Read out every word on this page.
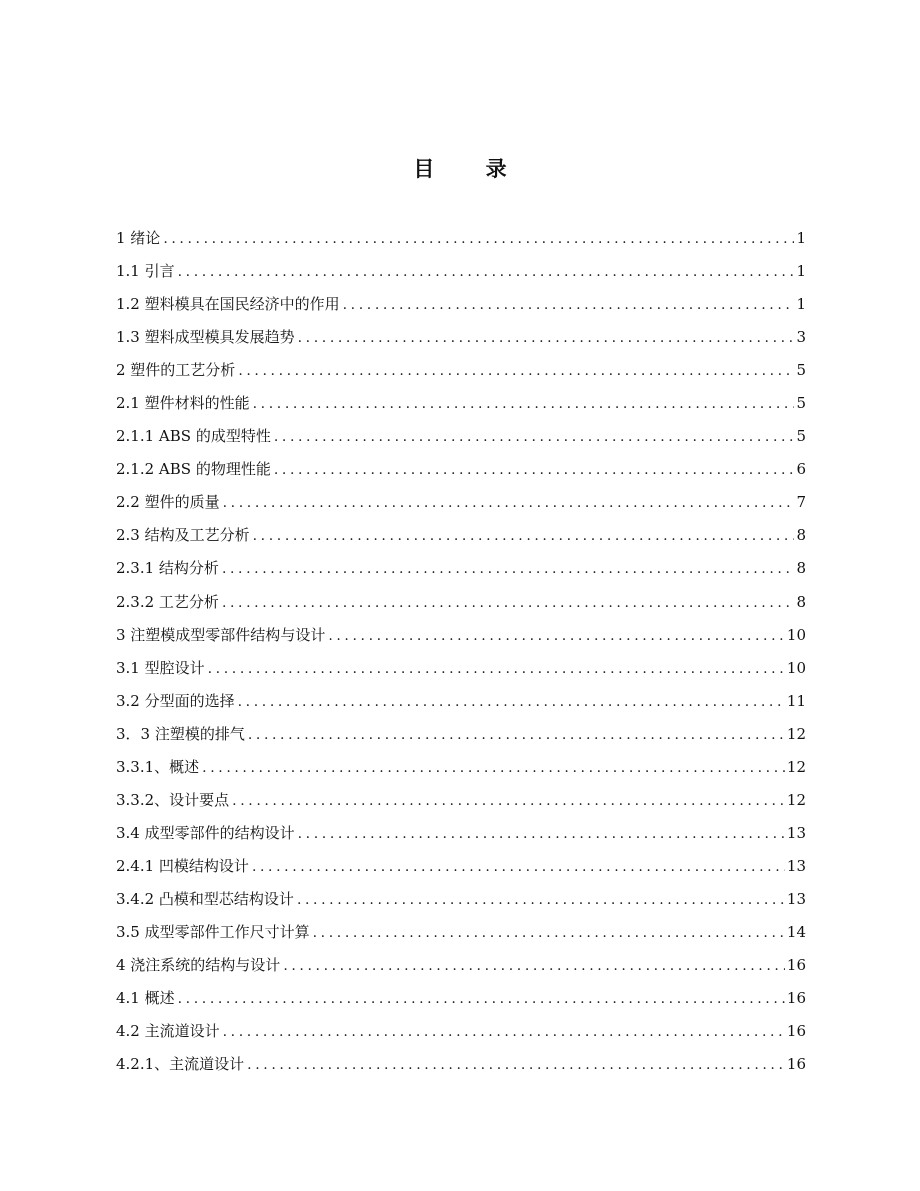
目 录
1 绪论 .....	1
1.1 引言 .....	1
1.2 塑料模具在国民经济中的作用 .....	1
1.3 塑料成型模具发展趋势 .....	3
2 塑件的工艺分析 .....	5
2.1 塑件材料的性能 .....	5
2.1.1 ABS 的成型特性 .....	5
2.1.2 ABS 的物理性能 .....	6
2.2 塑件的质量 .....	7
2.3 结构及工艺分析 .....	8
2.3.1 结构分析 .....	8
2.3.2 工艺分析 .....	8
3 注塑模成型零部件结构与设计 .....	10
3.1 型腔设计 .....	10
3.2 分型面的选择 .....	11
3．3 注塑模的排气 .....	12
3.3.1、概述 .....	12
3.3.2、设计要点 .....	12
3.4 成型零部件的结构设计 .....	13
2.4.1 凹模结构设计 .....	13
3.4.2 凸模和型芯结构设计 .....	13
3.5 成型零部件工作尺寸计算 .....	14
4 浇注系统的结构与设计 .....	16
4.1 概述 .....	16
4.2 主流道设计 .....	16
4.2.1、主流道设计 .....	16
